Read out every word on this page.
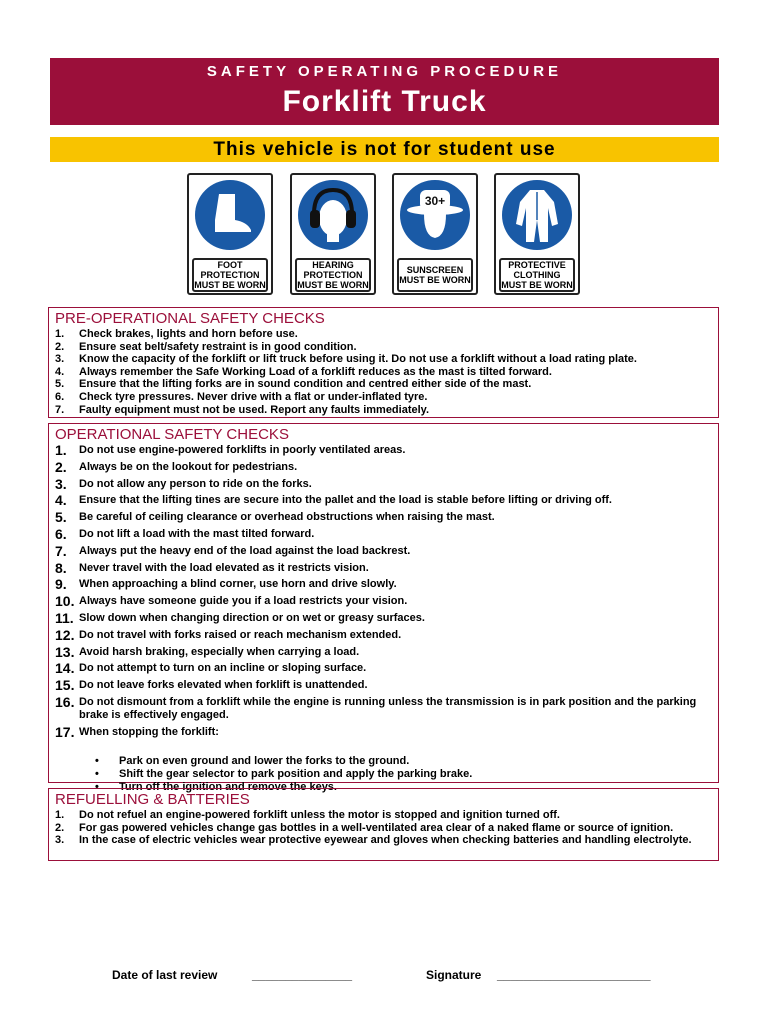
SAFETY OPERATING PROCEDURE
Forklift Truck
This vehicle is not for student use
FOOT PROTECTION MUST BE WORN
HEARING PROTECTION MUST BE WORN
30+
SUNSCREEN MUST BE WORN
PROTECTIVE CLOTHING MUST BE WORN
PRE-OPERATIONAL SAFETY CHECKS
1.	Check brakes, lights and horn before use.
2.	Ensure seat belt/safety restraint is in good condition.
3.	Know the capacity of the forklift or lift truck before using it. Do not use a forklift without a load rating plate.
4.	Always remember the Safe Working Load of a forklift reduces as the mast is tilted forward.
5.	Ensure that the lifting forks are in sound condition and centred either side of the mast.
6.	Check tyre pressures. Never drive with a flat or under-inflated tyre.
7.	Faulty equipment must not be used. Report any faults immediately.
OPERATIONAL SAFETY CHECKS
1.	Do not use engine-powered forklifts in poorly ventilated areas.
2.	Always be on the lookout for pedestrians.
3.	Do not allow any person to ride on the forks.
4.	Ensure that the lifting tines are secure into the pallet and the load is stable before lifting or driving off.
5.	Be careful of ceiling clearance or overhead obstructions when raising the mast.
6.	Do not lift a load with the mast tilted forward.
7.	Always put the heavy end of the load against the load backrest.
8.	Never travel with the load elevated as it restricts vision.
9.	When approaching a blind corner, use horn and drive slowly.
10. Always have someone guide you if a load restricts your vision.
11. Slow down when changing direction or on wet or greasy surfaces.
12. Do not travel with forks raised or reach mechanism extended.
13. Avoid harsh braking, especially when carrying a load.
14. Do not attempt to turn on an incline or sloping surface.
15. Do not leave forks elevated when forklift is unattended.
16. Do not dismount from a forklift while the engine is running unless the transmission is in park position and the parking brake is effectively engaged.
17. When stopping the forklift:
•	Park on even ground and lower the forks to the ground.
•	Shift the gear selector to park position and apply the parking brake.
•	Turn off the ignition and remove the keys.
REFUELLING & BATTERIES
1.	Do not refuel an engine-powered forklift unless the motor is stopped and ignition turned off.
2.	For gas powered vehicles change gas bottles in a well-ventilated area clear of a naked flame or source of ignition.
3.	In the case of electric vehicles wear protective eyewear and gloves when checking batteries and handling electrolyte.
Date of last review	_______________	Signature _______________________
